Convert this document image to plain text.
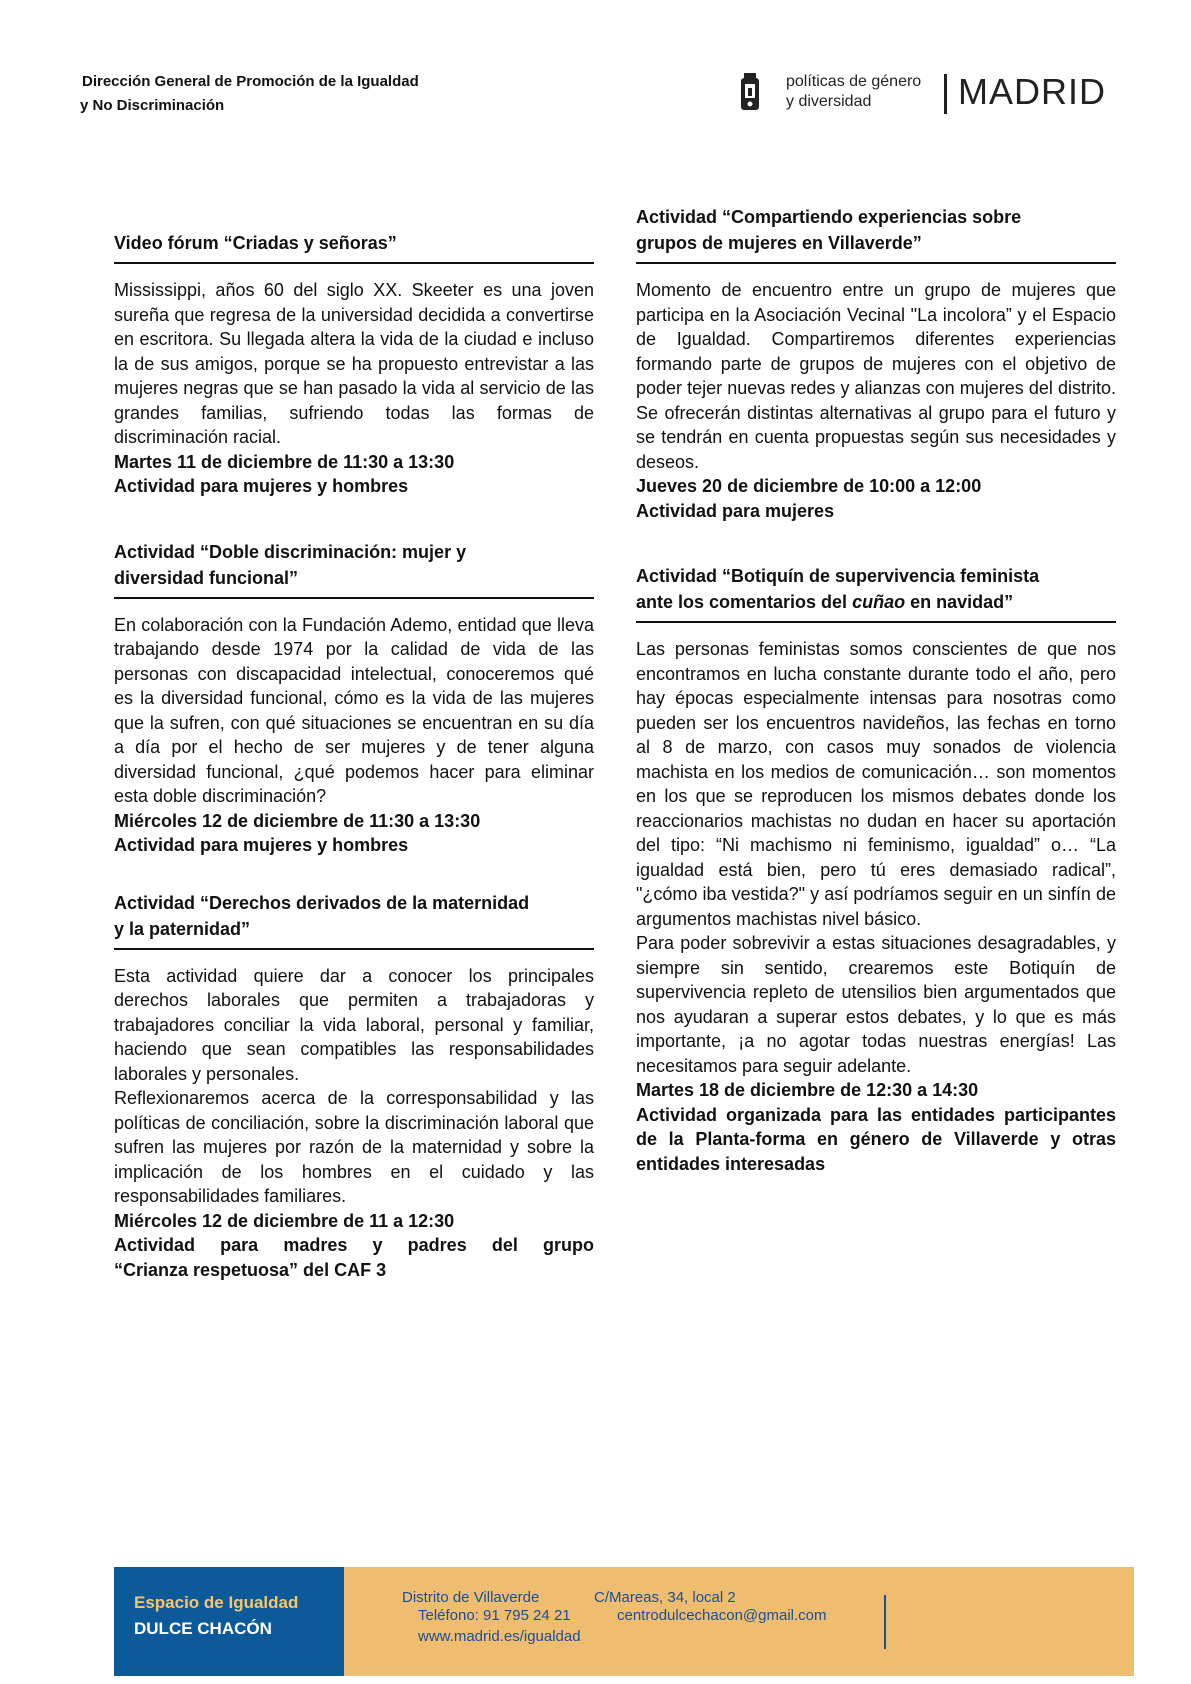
Dirección General de Promoción de la Igualdad
y No Discriminación
políticas de género
y diversidad	MADRID
Video fórum “Criadas y señoras”

Mississippi, años 60 del siglo XX. Skeeter es una joven sureña que regresa de la universidad decidida a convertirse en escritora. Su llegada altera la vida de la ciudad e incluso la de sus amigos, porque se ha propuesto entrevistar a las mujeres negras que se han pasado la vida al servicio de las grandes familias, sufriendo todas las formas de discriminación racial.

Martes 11 de diciembre de 11:30 a 13:30
Actividad para mujeres y hombres
Actividad “Doble discriminación: mujer y
diversidad funcional”

En colaboración con la Fundación Ademo, entidad que lleva trabajando desde 1974 por la calidad de vida de las personas con discapacidad intelectual, conoceremos qué es la diversidad funcional, cómo es la vida de las mujeres que la sufren, con qué situaciones se encuentran en su día a día por el hecho de ser mujeres y de tener alguna diversidad funcional, ¿qué podemos hacer para eliminar esta doble discriminación?

Miércoles 12 de diciembre de 11:30 a 13:30
Actividad para mujeres y hombres
Actividad “Derechos derivados de la maternidad
y la paternidad”

Esta actividad quiere dar a conocer los principales derechos laborales que permiten a trabajadoras y trabajadores conciliar la vida laboral, personal y familiar, haciendo que sean compatibles las responsabilidades laborales y personales.

Reflexionaremos acerca de la corresponsabilidad y las políticas de conciliación, sobre la discriminación laboral que sufren las mujeres por razón de la maternidad y sobre la implicación de los hombres en el cuidado y las responsabilidades familiares.

Miércoles 12 de diciembre de 11 a 12:30
Actividad para madres y padres del grupo
“Crianza respetuosa” del CAF 3
Actividad “Compartiendo experiencias sobre
grupos de mujeres en Villaverde”

Momento de encuentro entre un grupo de mujeres que participa en la Asociación Vecinal "La incolora” y el Espacio de Igualdad. Compartiremos diferentes experiencias formando parte de grupos de mujeres con el objetivo de poder tejer nuevas redes y alianzas con mujeres del distrito. Se ofrecerán distintas alternativas al grupo para el futuro y se tendrán en cuenta propuestas según sus necesidades y deseos.

Jueves 20 de diciembre de 10:00 a 12:00
Actividad para mujeres
Actividad “Botiquín de supervivencia feminista
ante los comentarios del cuñao en navidad”

Las personas feministas somos conscientes de que nos encontramos en lucha constante durante todo el año, pero hay épocas especialmente intensas para nosotras como pueden ser los encuentros navideños, las fechas en torno al 8 de marzo, con casos muy sonados de violencia machista en los medios de comunicación… son momentos en los que se reproducen los mismos debates donde los reaccionarios machistas no dudan en hacer su aportación del tipo: “Ni machismo ni feminismo, igualdad” o… “La igualdad está bien, pero tú eres demasiado radical”, "¿cómo iba vestida?" y así podríamos seguir en un sinfín de argumentos machistas nivel básico.

Para poder sobrevivir a estas situaciones desagradables, y siempre sin sentido, crearemos este Botiquín de supervivencia repleto de utensilios bien argumentados que nos ayudaran a superar estos debates, y lo que es más importante, ¡a no agotar todas nuestras energías! Las necesitamos para seguir adelante.

Martes 18 de diciembre de 12:30 a 14:30
Actividad organizada para las entidades participantes de la Planta-forma en género de Villaverde y otras entidades interesadas
Espacio de Igualdad
DULCE CHACÓN
Distrito de Villaverde	C/Mareas, 34, local 2
Teléfono: 91 795 24 21	centrodulcechacon@gmail.com
www.madrid.es/igualdad
